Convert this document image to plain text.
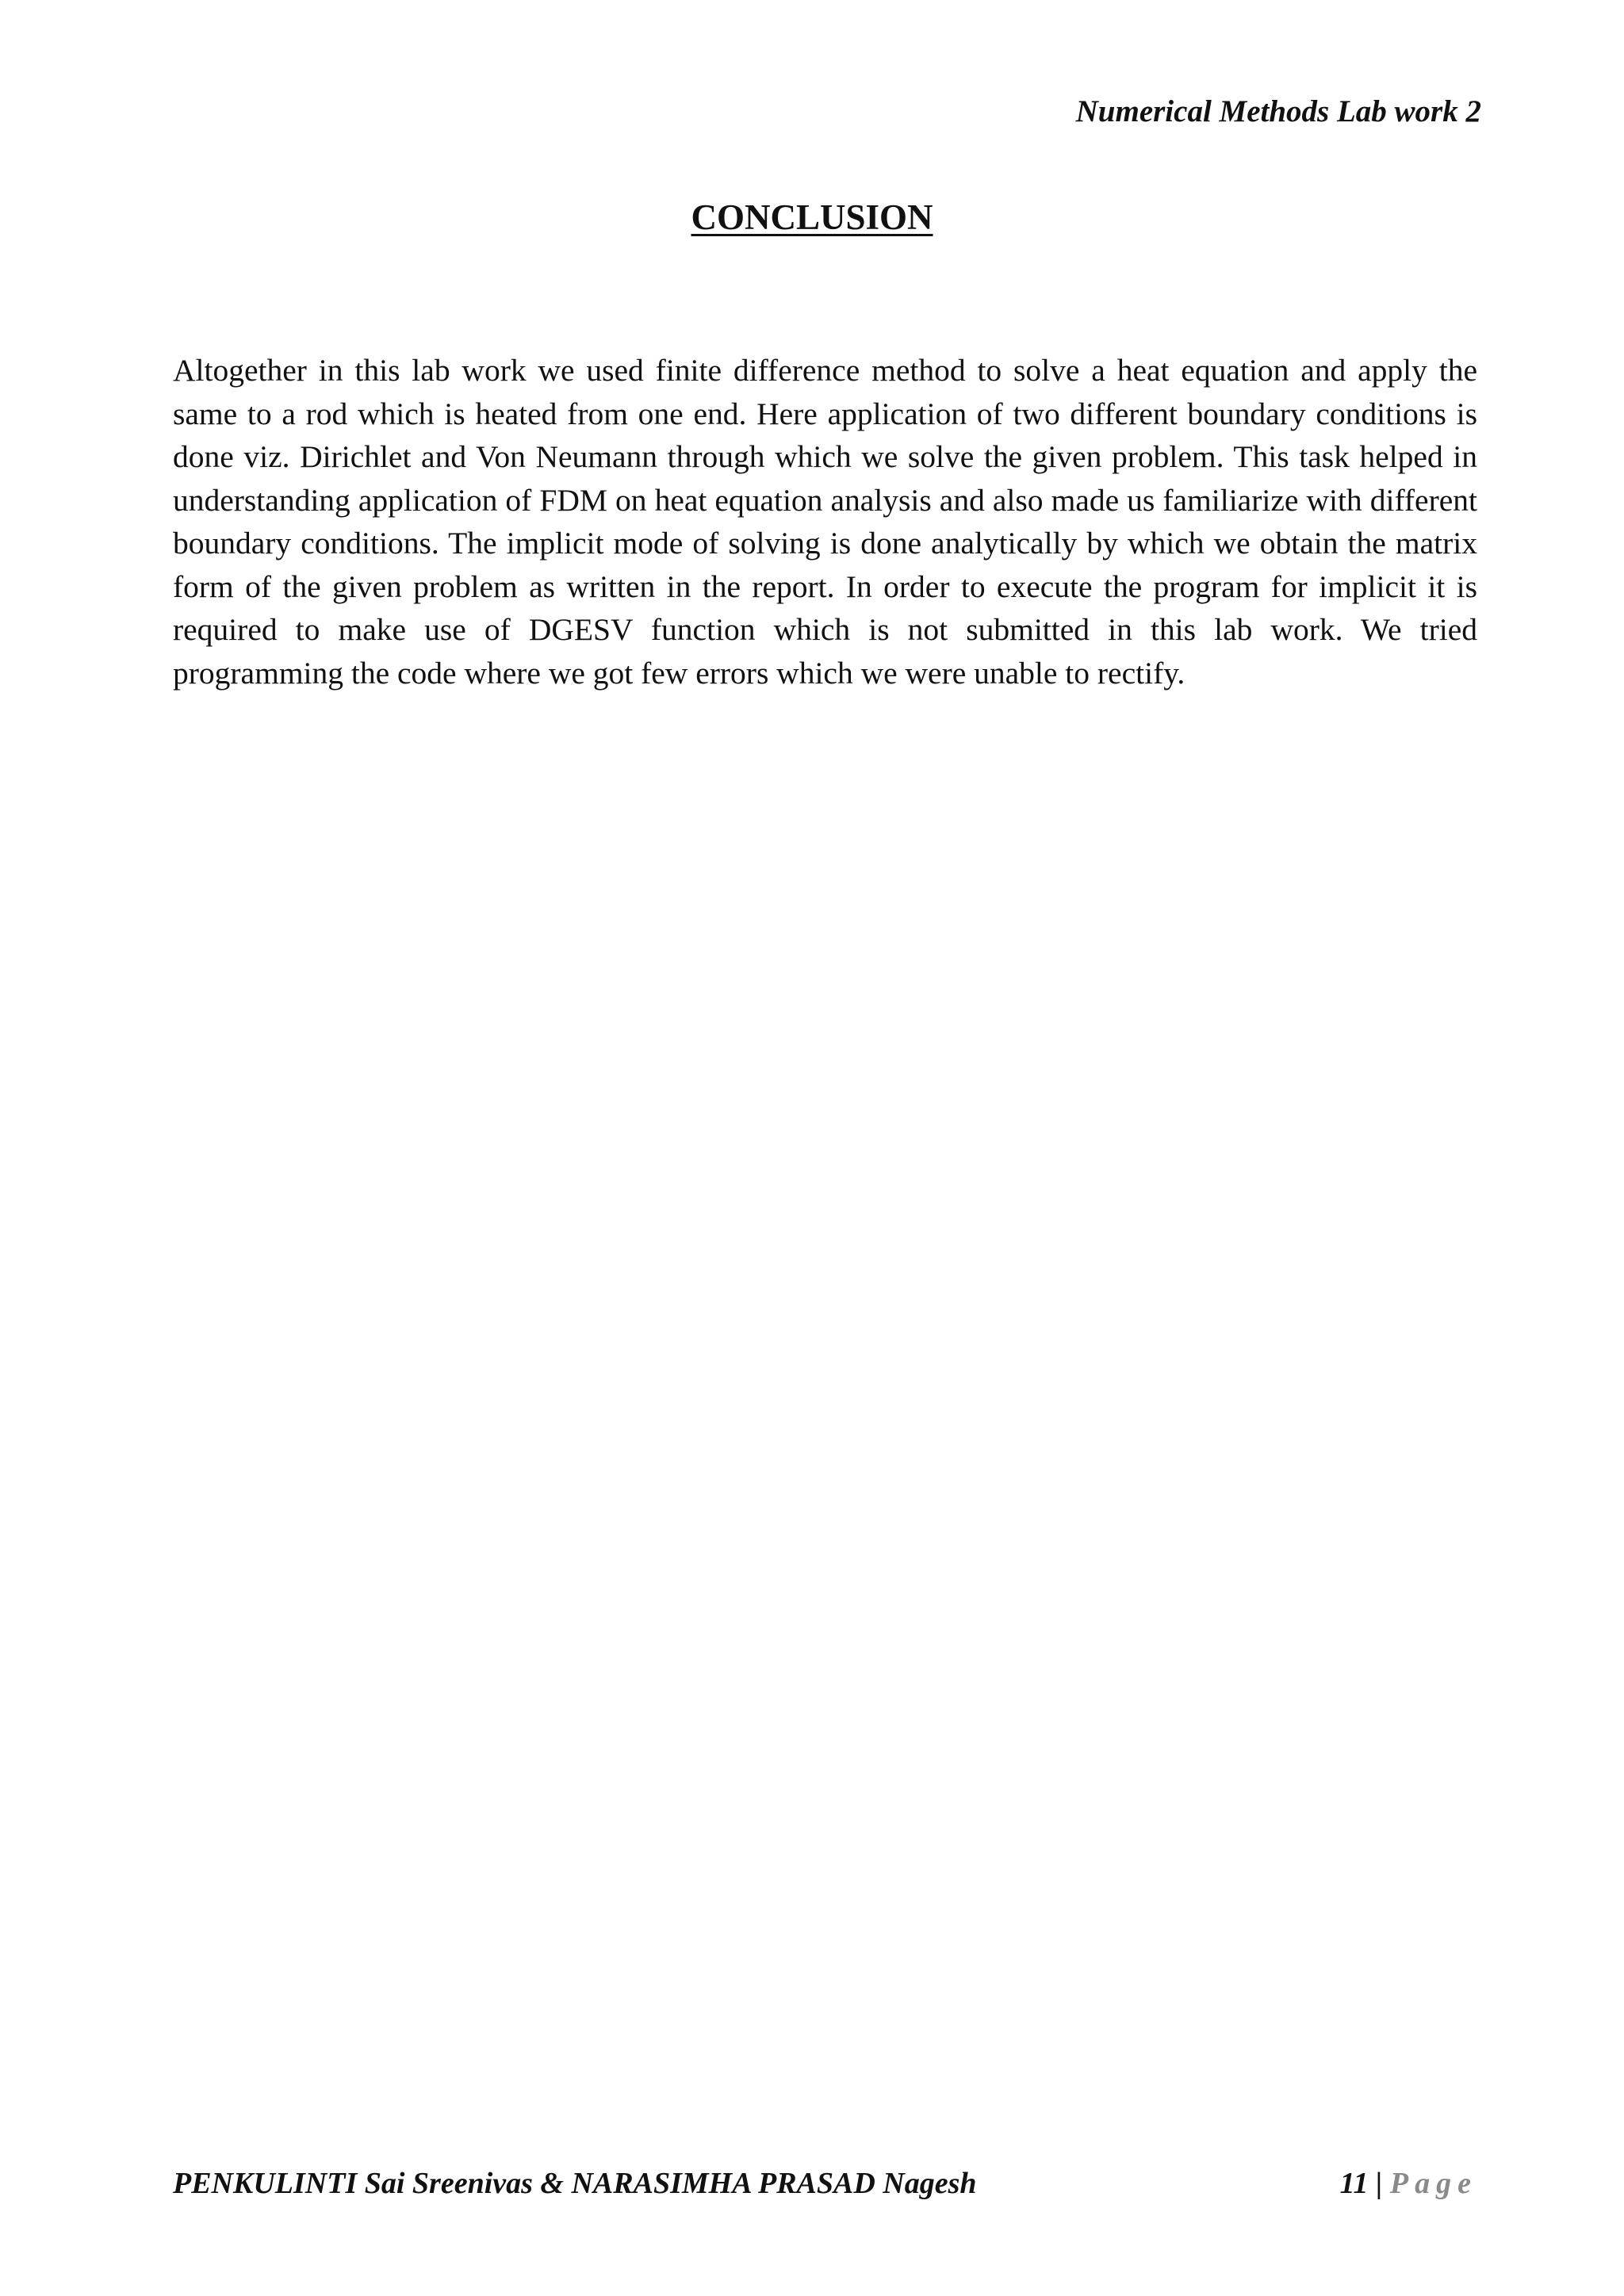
Numerical Methods Lab work 2
CONCLUSION

Altogether in this lab work we used finite difference method to solve a heat equation and apply the same to a rod which is heated from one end. Here application of two different boundary conditions is done viz. Dirichlet and Von Neumann through which we solve the given problem. This task helped in understanding application of FDM on heat equation analysis and also made us familiarize with different boundary conditions. The implicit mode of solving is done analytically by which we obtain the matrix form of the given problem as written in the report. In order to execute the program for implicit it is required to make use of DGESV function which is not submitted in this lab work. We tried programming the code where we got few errors which we were unable to rectify.

PENKULINTI Sai Sreenivas & NARASIMHA PRASAD Nagesh	11 | Page
